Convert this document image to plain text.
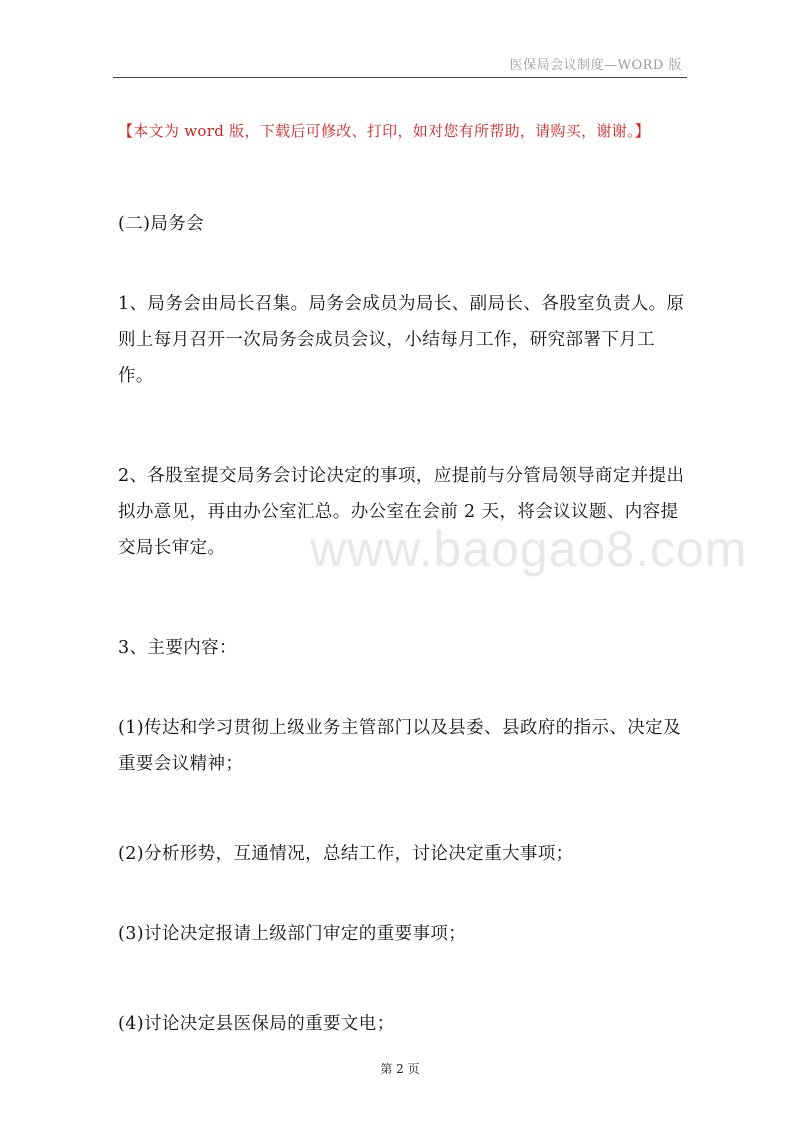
医保局会议制度—WORD 版
【本文为 word 版，下载后可修改、打印，如对您有所帮助，请购买，谢谢。】
(二)局务会
1、局务会由局长召集。局务会成员为局长、副局长、各股室负责人。原则上每月召开一次局务会成员会议，小结每月工作，研究部署下月工作。
2、各股室提交局务会讨论决定的事项，应提前与分管局领导商定并提出拟办意见，再由办公室汇总。办公室在会前 2 天，将会议议题、内容提交局长审定。
3、主要内容：
(1)传达和学习贯彻上级业务主管部门以及县委、县政府的指示、决定及重要会议精神；
(2)分析形势，互通情况，总结工作，讨论决定重大事项；
(3)讨论决定报请上级部门审定的重要事项；
(4)讨论决定县医保局的重要文电；
www.baogao8.com
第 2 页
